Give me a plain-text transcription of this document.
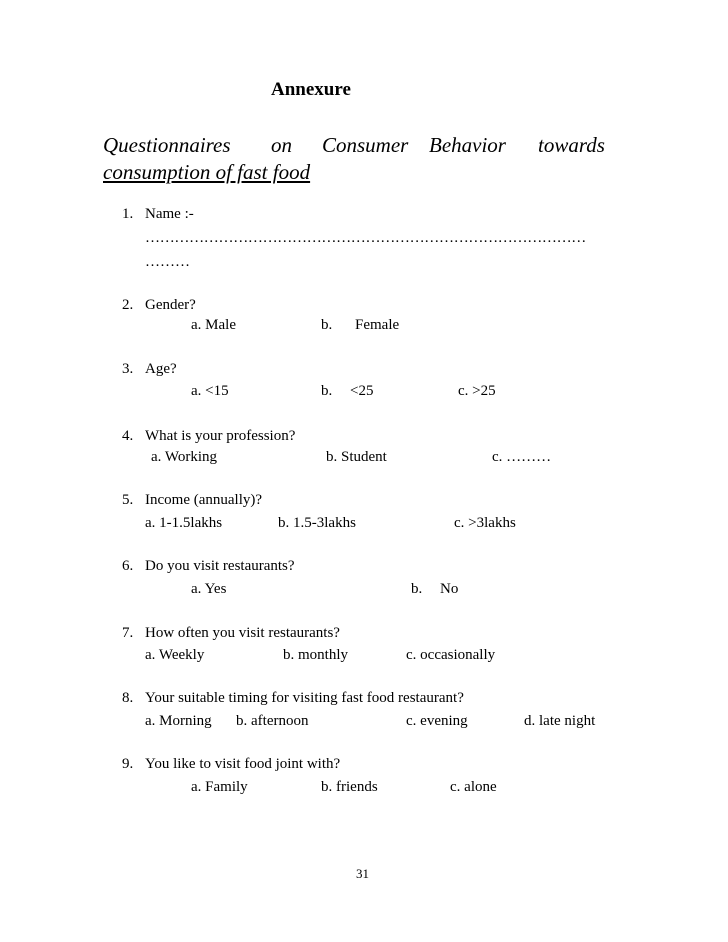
Annexure
Questionnaires on Consumer Behavior towards
consumption of fast food
1. Name :-
………………………………………………………………………………
………
2. Gender?
a. Male	b. Female
3. Age?
a. <15	b. <25	c. >25
4. What is your profession?
a. Working	b. Student	c. ………
5. Income (annually)?
a. 1-1.5lakhs	b. 1.5-3lakhs	c. >3lakhs
6. Do you visit restaurants?
a. Yes	b. No
7. How often you visit restaurants?
a. Weekly	b. monthly	c. occasionally
8. Your suitable timing for visiting fast food restaurant?
a. Morning b. afternoon	c. evening	d. late night
9. You like to visit food joint with?
a. Family	b. friends	c. alone
31
